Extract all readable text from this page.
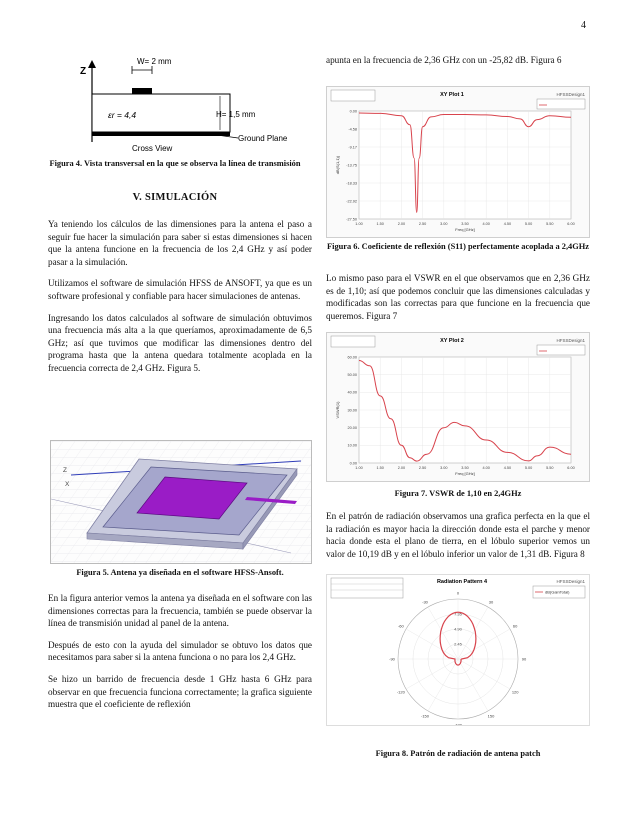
4
Z
W= 2 mm
εr = 4,4	H= 1,5 mm
Ground Plane
Cross View
Figura 4. Vista transversal en la que se observa la línea de transmisión
V. SIMULACIÓN

Ya teniendo los cálculos de las dimensiones para la antena el paso a seguir fue hacer la simulación para saber si estas dimensiones si hacen que la antena funcione en la frecuencia de los 2,4 GHz y así poder pasar a la simulación.

Utilizamos el software de simulación HFSS de ANSOFT, ya que es un software profesional y confiable para hacer simulaciones de antenas.

Ingresando los datos calculados al software de simulación obtuvimos una frecuencia más alta a la que queríamos, aproximadamente de 6,5 GHz; así que tuvimos que modificar las dimensiones dentro del programa hasta que la antena quedara totalmente acoplada en la frecuencia correcta de 2,4 GHz. Figura 5.

Z
X
Figura 5. Antena ya diseñada en el software HFSS-Ansoft.

En la figura anterior vemos la antena ya diseñada en el software con las dimensiones correctas para la frecuencia, también se puede observar la línea de transmisión unidad al panel de la antena.

Después de esto con la ayuda del simulador se obtuvo los datos que necesitamos para saber si la antena funciona o no para los 2,4 GHz.

Se hizo un barrido de frecuencia desde 1 GHz hasta 6 GHz para observar en que frecuencia funciona correctamente; la grafica siguiente muestra que el coeficiente de reflexión

apunta en la frecuencia de 2,36 GHz con un -25,82 dB. Figura 6
XY Plot 1	HFSSDesign1
1.00	1.50	2.00	2.50	3.00	3.50	4.00	4.50	5.00	5.50	6.00
0.00
-4.58
-9.17
-13.75
-18.33
-22.92
-27.50
Freq [GHz]
dB(S(1,1))
Figura 6. Coeficiente de reflexión (S11) perfectamente acoplada a 2,4GHz
Lo mismo paso para el VSWR en el que observamos que en 2,36 GHz es de 1,10; así que podemos concluir que las dimensiones calculadas y modificadas son las correctas para que funcione en la frecuencia que queremos. Figura 7
XY Plot 2	HFSSDesign1
1.00	1.50	2.00	2.50	3.00	3.50	4.00	4.50	5.00	5.50	6.00
60.00
50.00
40.00
30.00
20.00
10.00
0.00
Freq [GHz]
VSWR(1)
Figura 7. VSWR de 1,10 en 2,4GHz
En el patrón de radiación observamos una grafica perfecta en la que el la radiación es mayor hacia la dirección donde esta el parche y menor hacia donde esta el plano de tierra, en el lóbulo superior vemos un valor de 10,19 dB y en el lóbulo inferior un valor de 1,31 dB. Figura 8
Radiation Pattern 4	HFSSDesign1
dB(GainTotal)
0
-30	30
-60	60
-90	90
-120	120
-150	150
-180
2.45
4.90
7.35
Figura 8. Patrón de radiación de antena patch
